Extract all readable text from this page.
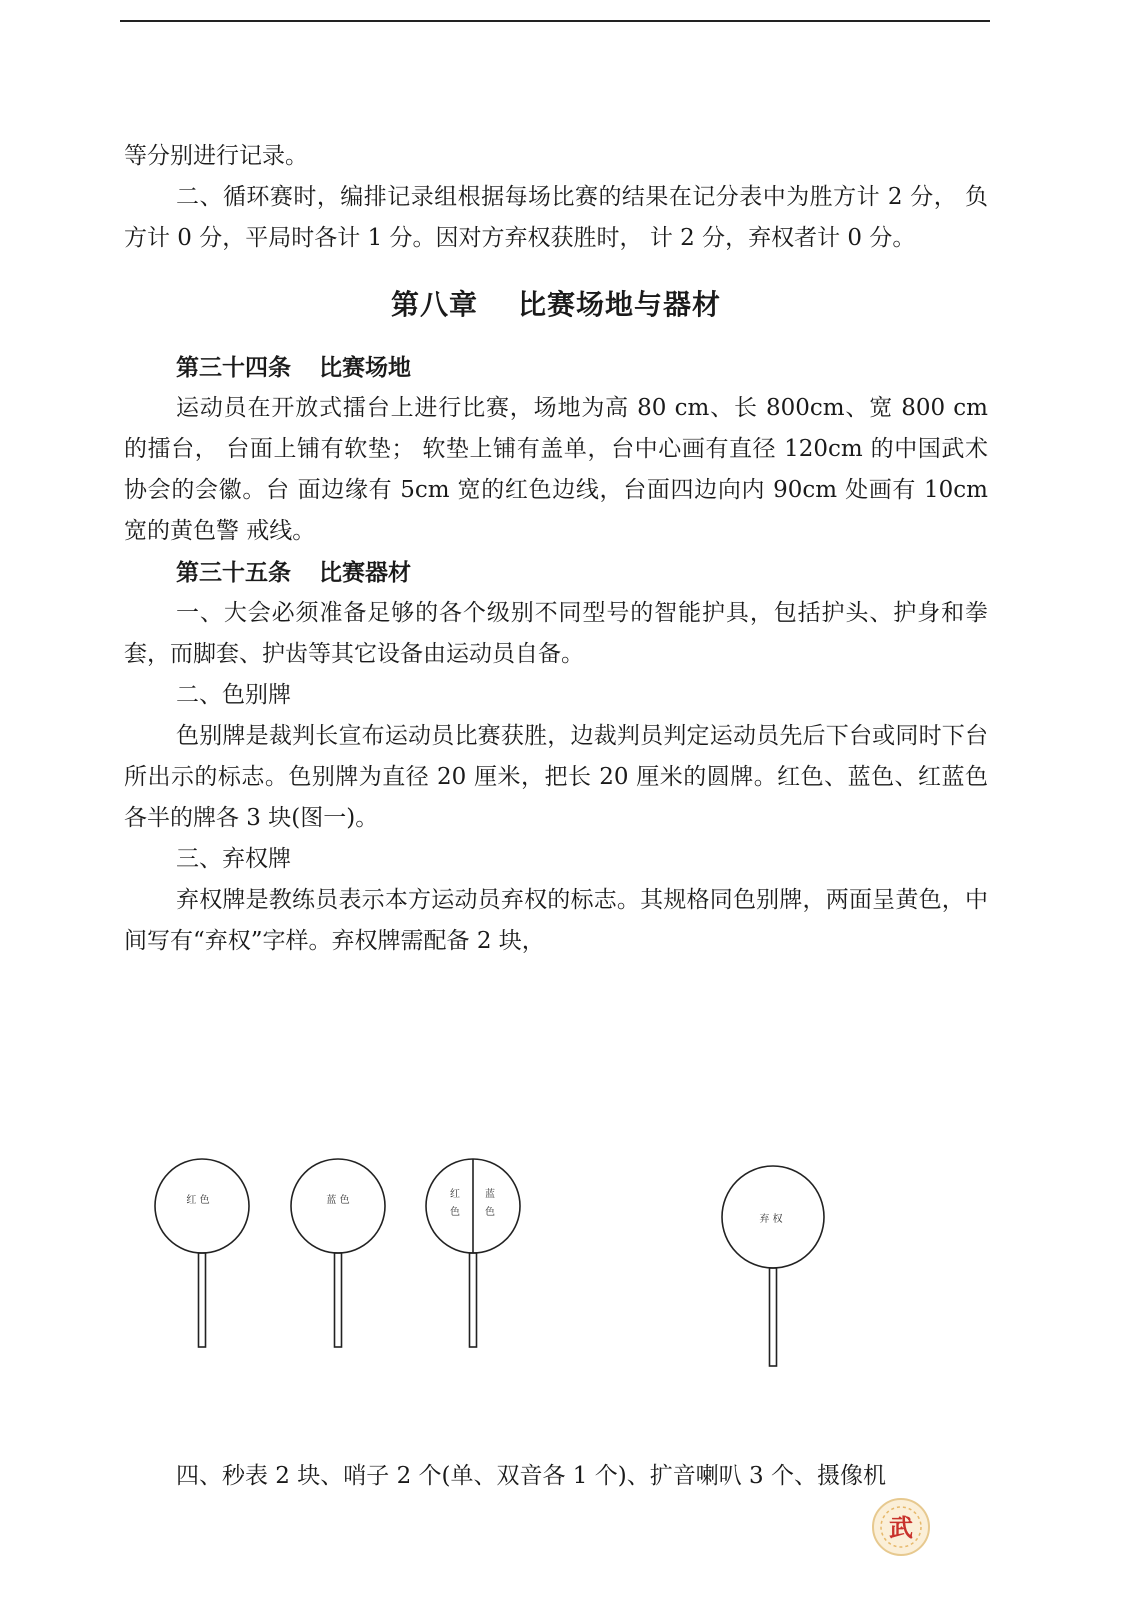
等分别进行记录。

二、循环赛时，编排记录组根据每场比赛的结果在记分表中为胜方计 2 分， 负方计 0 分，平局时各计 1 分。因对方弃权获胜时， 计 2 分，弃权者计 0 分。

第八章 比赛场地与器材

第三十四条 比赛场地

运动员在开放式擂台上进行比赛，场地为高 80 cm、长 800cm、宽 800 cm 的擂台， 台面上铺有软垫； 软垫上铺有盖单，台中心画有直径 120cm 的中国武术协会的会徽。台 面边缘有 5cm 宽的红色边线，台面四边向内 90cm 处画有 10cm 宽的黄色警 戒线。

第三十五条 比赛器材

一、大会必须准备足够的各个级别不同型号的智能护具，包括护头、护身和拳套，而脚套、护齿等其它设备由运动员自备。

二、色别牌

色别牌是裁判长宣布运动员比赛获胜，边裁判员判定运动员先后下台或同时下台所出示的标志。色别牌为直径 20 厘米，把长 20 厘米的圆牌。红色、蓝色、红蓝色各半的牌各 3 块(图一)。

三、弃权牌

弃权牌是教练员表示本方运动员弃权的标志。其规格同色别牌，两面呈黄色，中间写有“弃权”字样。弃权牌需配备 2 块，

红 色	蓝 色
红
色
蓝
色
弃 权
四、秒表 2 块、哨子 2 个(单、双音各 1 个)、扩音喇叭 3 个、摄像机
武
